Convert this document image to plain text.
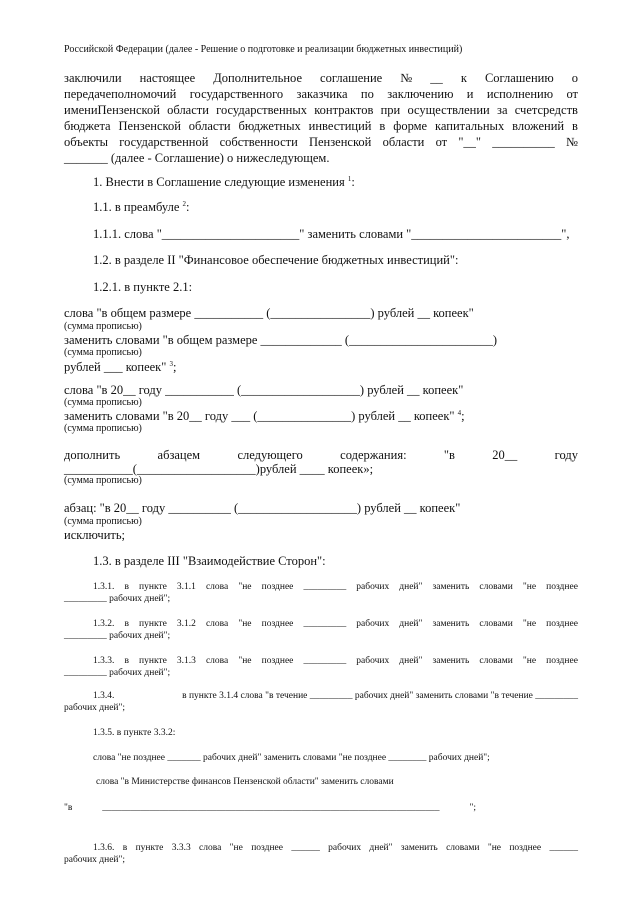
Российской Федерации (далее - Решение о подготовке и реализации бюджетных инвестиций)
заключили настоящее Дополнительное соглашение № __ к Соглашению о
передачеполномочий государственного заказчика по заключению и исполнению от
имениПензенской области государственных контрактов при осуществлении за счетсредств
бюджета Пензенской области бюджетных инвестиций в форме капитальных вложений в
объекты государственной собственности Пензенской области от "__" __________ №
_______ (далее - Соглашение) о нижеследующем.
1. Внести в Соглашение следующие изменения $^1$:
1.1. в преамбуле $^2$:
1.1.1. слова "______________________" заменить словами "________________________",
1.2. в разделе II "Финансовое обеспечение бюджетных инвестиций":
1.2.1. в пункте 2.1:
слова "в общем размере ___________ (________________) рублей __ копеек"
(сумма прописью)
заменить словами "в общем размере _____________ (_______________________)
(сумма прописью)
рублей ___ копеек" $^3$;
слова "в 20__ году ___________ (___________________) рублей __ копеек"
(сумма прописью)
заменить словами "в 20__ году ___ (_______________) рублей __ копеек" $^4$;
(сумма прописью)
дополнить	абзацем	следующего	содержания:	"в	20__	году
___________(___________________)рублей ____ копеек»;
(сумма прописью)
абзац: "в 20__ году __________ (___________________) рублей __ копеек"
(сумма прописью)
исключить;
1.3. в разделе III "Взаимодействие Сторон":
1.3.1. в пункте 3.1.1 слова "не позднее _________ рабочих дней" заменить словами "не позднее
_________ рабочих дней";
1.3.2. в пункте 3.1.2 слова "не позднее _________ рабочих дней" заменить словами "не позднее
_________ рабочих дней";
1.3.3. в пункте 3.1.3 слова "не позднее _________ рабочих дней" заменить словами "не позднее
_________ рабочих дней";
1.3.4.	в пункте 3.1.4 слова "в течение _________ рабочих дней" заменить словами "в течение _________
рабочих дней";
1.3.5. в пункте 3.3.2:
слова "не позднее _______ рабочих дней" заменить словами "не позднее ________ рабочих дней";
слова "в Министерстве финансов Пензенской области" заменить словами
"в	_______________________________________________________________________	";
1.3.6. в пункте 3.3.3 слова "не позднее ______ рабочих дней" заменить словами "не позднее ______
рабочих дней";
